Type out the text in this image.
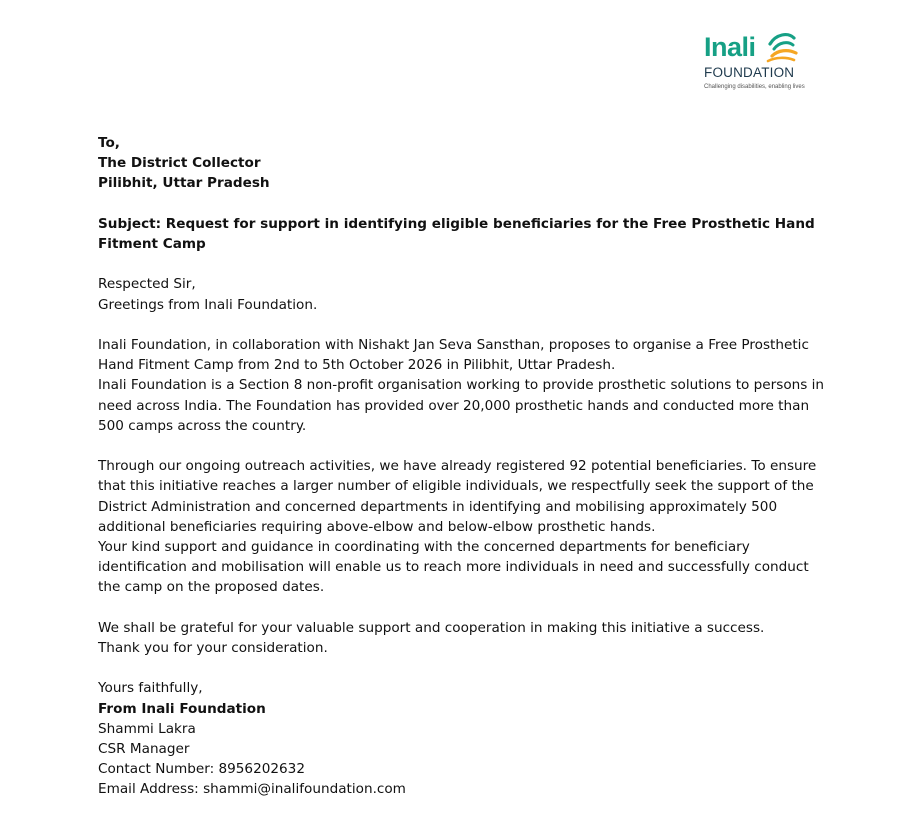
Inali
FOUNDATION
Challenging disabilities, enabling lives
To,
The District Collector
Pilibhit, Uttar Pradesh
Subject: Request for support in identifying eligible beneficiaries for the Free Prosthetic Hand Fitment Camp
Respected Sir,
Greetings from Inali Foundation.
Inali Foundation, in collaboration with Nishakt Jan Seva Sansthan, proposes to organise a Free Prosthetic Hand Fitment Camp from 2nd to 5th October 2026 in Pilibhit, Uttar Pradesh.
Inali Foundation is a Section 8 non-profit organisation working to provide prosthetic solutions to persons in need across India. The Foundation has provided over 20,000 prosthetic hands and conducted more than 500 camps across the country.
Through our ongoing outreach activities, we have already registered 92 potential beneficiaries. To ensure that this initiative reaches a larger number of eligible individuals, we respectfully seek the support of the District Administration and concerned departments in identifying and mobilising approximately 500 additional beneficiaries requiring above-elbow and below-elbow prosthetic hands.
Your kind support and guidance in coordinating with the concerned departments for beneficiary identification and mobilisation will enable us to reach more individuals in need and successfully conduct the camp on the proposed dates.
We shall be grateful for your valuable support and cooperation in making this initiative a success.
Thank you for your consideration.
Yours faithfully,
From Inali Foundation
Shammi Lakra
CSR Manager
Contact Number: 8956202632
Email Address: shammi@inalifoundation.com
